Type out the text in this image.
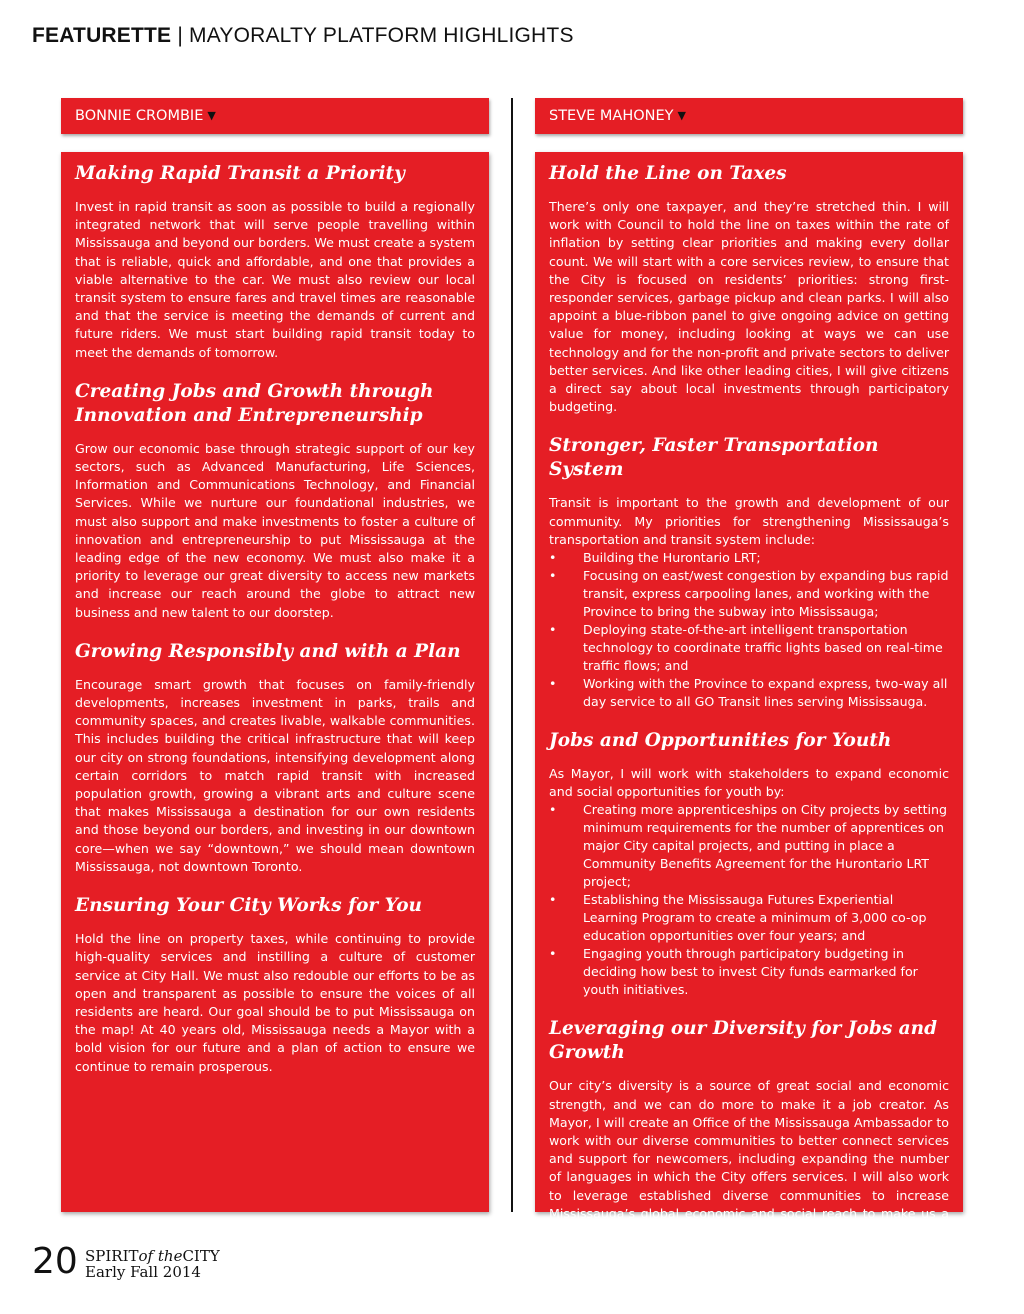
FEATURETTE | MAYORALTY PLATFORM HIGHLIGHTS
BONNIE CROMBIE ▼	STEVE MAHONEY ▼
Making Rapid Transit a Priority

Invest in rapid transit as soon as possible to build a regionally integrated network that will serve people travelling within Mississauga and beyond our borders. We must create a system that is reliable, quick and affordable, and one that provides a viable alternative to the car. We must also review our local transit system to ensure fares and travel times are reasonable and that the service is meeting the demands of current and future riders. We must start building rapid transit today to meet the demands of tomorrow.

Creating Jobs and Growth through Innovation and Entrepreneurship

Grow our economic base through strategic support of our key sectors, such as Advanced Manufacturing, Life Sciences, Information and Communications Technology, and Financial Services. While we nurture our foundational industries, we must also support and make investments to foster a culture of innovation and entrepreneurship to put Mississauga at the leading edge of the new economy. We must also make it a priority to leverage our great diversity to access new markets and increase our reach around the globe to attract new business and new talent to our doorstep.

Growing Responsibly and with a Plan

Encourage smart growth that focuses on family-friendly developments, increases investment in parks, trails and community spaces, and creates livable, walkable communities. This includes building the critical infrastructure that will keep our city on strong foundations, intensifying development along certain corridors to match rapid transit with increased population growth, growing a vibrant arts and culture scene that makes Mississauga a destination for our own residents and those beyond our borders, and investing in our downtown core—when we say “downtown,” we should mean downtown Mississauga, not downtown Toronto.

Ensuring Your City Works for You

Hold the line on property taxes, while continuing to provide high-quality services and instilling a culture of customer service at City Hall. We must also redouble our efforts to be as open and transparent as possible to ensure the voices of all residents are heard. Our goal should be to put Mississauga on the map! At 40 years old, Mississauga needs a Mayor with a bold vision for our future and a plan of action to ensure we continue to remain prosperous.

Hold the Line on Taxes

There’s only one taxpayer, and they’re stretched thin. I will work with Council to hold the line on taxes within the rate of inflation by setting clear priorities and making every dollar count. We will start with a core services review, to ensure that the City is focused on residents’ priorities: strong first-responder services, garbage pickup and clean parks. I will also appoint a blue-ribbon panel to give ongoing advice on getting value for money, including looking at ways we can use technology and for the non-profit and private sectors to deliver better services. And like other leading cities, I will give citizens a direct say about local investments through participatory budgeting.

Stronger, Faster Transportation System

Transit is important to the growth and development of our community. My priorities for strengthening Mississauga’s transportation and transit system include:

• Building the Hurontario LRT;
• Focusing on east/west congestion by expanding bus rapid transit, express carpooling lanes, and working with the Province to bring the subway into Mississauga;
• Deploying state-of-the-art intelligent transportation technology to coordinate traffic lights based on real-time traffic flows; and
• Working with the Province to expand express, two-way all day service to all GO Transit lines serving Mississauga.
Jobs and Opportunities for Youth

As Mayor, I will work with stakeholders to expand economic and social opportunities for youth by:

• Creating more apprenticeships on City projects by setting minimum requirements for the number of apprentices on major City capital projects, and putting in place a Community Benefits Agreement for the Hurontario LRT project;
• Establishing the Mississauga Futures Experiential Learning Program to create a minimum of 3,000 co-op education opportunities over four years; and
• Engaging youth through participatory budgeting in deciding how best to invest City funds earmarked for youth initiatives.
Leveraging our Diversity for Jobs and Growth

Our city’s diversity is a source of great social and economic strength, and we can do more to make it a job creator. As Mayor, I will create an Office of the Mississauga Ambassador to work with our diverse communities to better connect services and support for newcomers, including expanding the number of languages in which the City offers services. I will also work to leverage established diverse communities to increase Mississauga’s global economic and social reach to make us a global gateway for local and international businesses looking to expand and grow.

20 SPIRITof theCITY
Early Fall 2014
